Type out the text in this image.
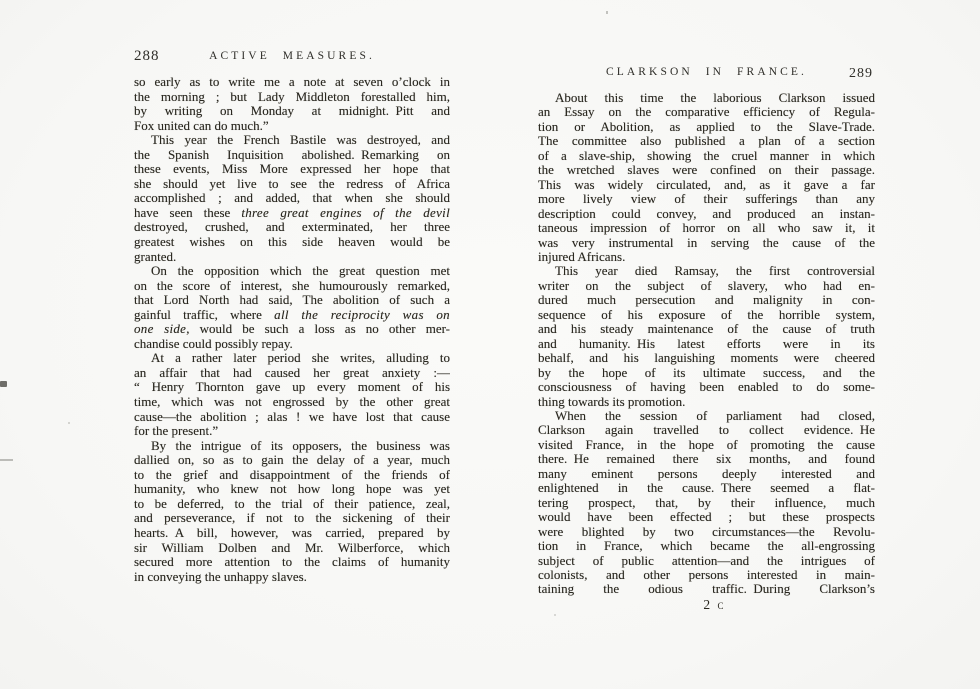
288	ACTIVE MEASURES.
so early as to write me a note at seven o’clock in
the morning ; but Lady Middleton forestalled him,
by writing on Monday at midnight. Pitt and
Fox united can do much.”
This year the French Bastile was destroyed, and
the Spanish Inquisition abolished. Remarking on
these events, Miss More expressed her hope that
she should yet live to see the redress of Africa
accomplished ; and added, that when she should
have seen these three great engines of the devil
destroyed, crushed, and exterminated, her three
greatest wishes on this side heaven would be
granted.
On the opposition which the great question met
on the score of interest, she humourously remarked,
that Lord North had said, The abolition of such a
gainful traffic, where all the reciprocity was on
one side, would be such a loss as no other mer-
chandise could possibly repay.
At a rather later period she writes, alluding to
an affair that had caused her great anxiety :—
“ Henry Thornton gave up every moment of his
time, which was not engrossed by the other great
cause—the abolition ; alas ! we have lost that cause
for the present.”
By the intrigue of its opposers, the business was
dallied on, so as to gain the delay of a year, much
to the grief and disappointment of the friends of
humanity, who knew not how long hope was yet
to be deferred, to the trial of their patience, zeal,
and perseverance, if not to the sickening of their
hearts. A bill, however, was carried, prepared by
sir William Dolben and Mr. Wilberforce, which
secured more attention to the claims of humanity
in conveying the unhappy slaves.
CLARKSON IN FRANCE.	289
About this time the laborious Clarkson issued
an Essay on the comparative efficiency of Regula-
tion or Abolition, as applied to the Slave-Trade.
The committee also published a plan of a section
of a slave-ship, showing the cruel manner in which
the wretched slaves were confined on their passage.
This was widely circulated, and, as it gave a far
more lively view of their sufferings than any
description could convey, and produced an instan-
taneous impression of horror on all who saw it, it
was very instrumental in serving the cause of the
injured Africans.
This year died Ramsay, the first controversial
writer on the subject of slavery, who had en-
dured much persecution and malignity in con-
sequence of his exposure of the horrible system,
and his steady maintenance of the cause of truth
and humanity. His latest efforts were in its
behalf, and his languishing moments were cheered
by the hope of its ultimate success, and the
consciousness of having been enabled to do some-
thing towards its promotion.
When the session of parliament had closed,
Clarkson again travelled to collect evidence. He
visited France, in the hope of promoting the cause
there. He remained there six months, and found
many eminent persons deeply interested and
enlightened in the cause. There seemed a flat-
tering prospect, that, by their influence, much
would have been effected ; but these prospects
were blighted by two circumstances—the Revolu-
tion in France, which became the all-engrossing
subject of public attention—and the intrigues of
colonists, and other persons interested in main-
taining the odious traffic. During Clarkson’s
2 c
